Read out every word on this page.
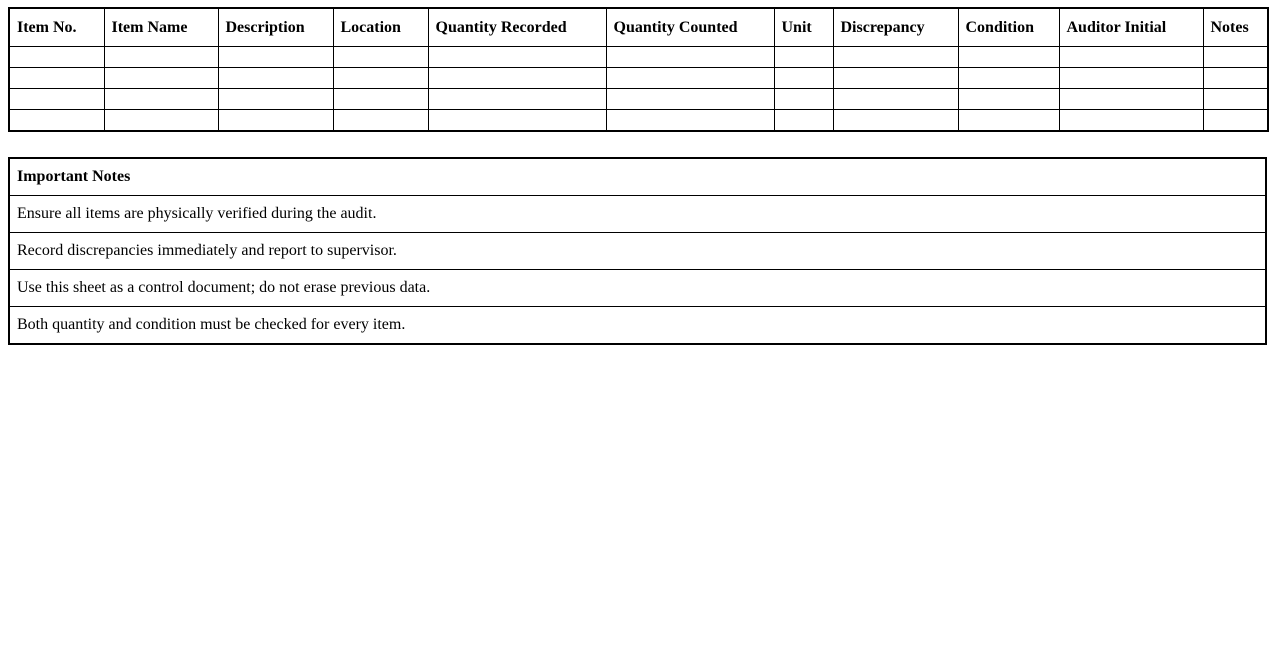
Item No.	Item Name	Description	Location	Quantity Recorded	Quantity Counted	Unit	Discrepancy	Condition	Auditor Initial	Notes

Important Notes
Ensure all items are physically verified during the audit.
Record discrepancies immediately and report to supervisor.
Use this sheet as a control document; do not erase previous data.
Both quantity and condition must be checked for every item.
